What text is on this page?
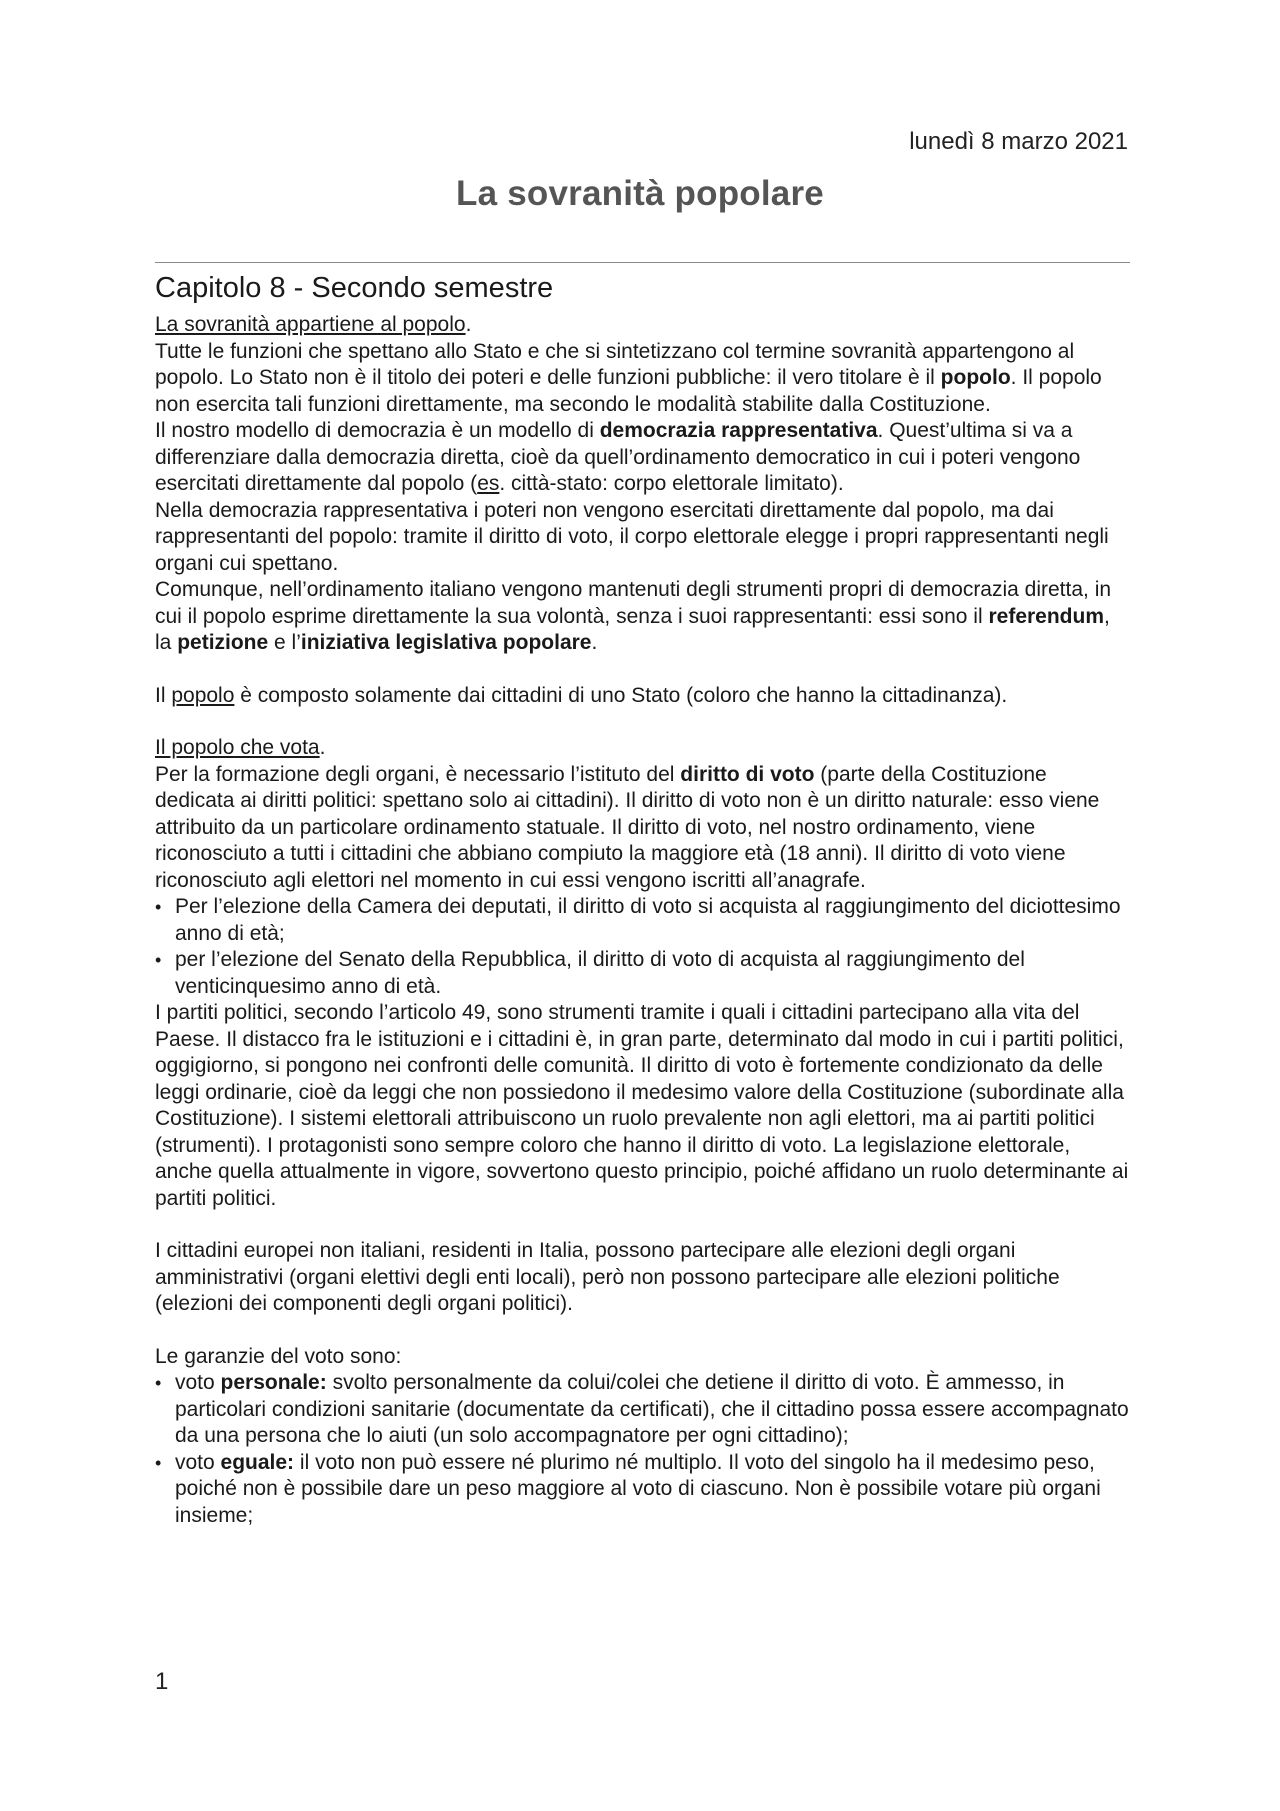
lunedì 8 marzo 2021
La sovranità popolare
Capitolo 8 - Secondo semestre

La sovranità appartiene al popolo.

Tutte le funzioni che spettano allo Stato e che si sintetizzano col termine sovranità appartengono al popolo. Lo Stato non è il titolo dei poteri e delle funzioni pubbliche: il vero titolare è il popolo. Il popolo non esercita tali funzioni direttamente, ma secondo le modalità stabilite dalla Costituzione.

Il nostro modello di democrazia è un modello di democrazia rappresentativa. Quest’ultima si va a differenziare dalla democrazia diretta, cioè da quell’ordinamento democratico in cui i poteri vengono esercitati direttamente dal popolo (es. città-stato: corpo elettorale limitato).

Nella democrazia rappresentativa i poteri non vengono esercitati direttamente dal popolo, ma dai rappresentanti del popolo: tramite il diritto di voto, il corpo elettorale elegge i propri rappresentanti negli organi cui spettano.

Comunque, nell’ordinamento italiano vengono mantenuti degli strumenti propri di democrazia diretta, in cui il popolo esprime direttamente la sua volontà, senza i suoi rappresentanti: essi sono il referendum, la petizione e l’iniziativa legislativa popolare.

Il popolo è composto solamente dai cittadini di uno Stato (coloro che hanno la cittadinanza).

Il popolo che vota.

Per la formazione degli organi, è necessario l’istituto del diritto di voto (parte della Costituzione dedicata ai diritti politici: spettano solo ai cittadini). Il diritto di voto non è un diritto naturale: esso viene attribuito da un particolare ordinamento statuale. Il diritto di voto, nel nostro ordinamento, viene riconosciuto a tutti i cittadini che abbiano compiuto la maggiore età (18 anni). Il diritto di voto viene riconosciuto agli elettori nel momento in cui essi vengono iscritti all’anagrafe.

• Per l’elezione della Camera dei deputati, il diritto di voto si acquista al raggiungimento del diciottesimo anno di età;
• per l’elezione del Senato della Repubblica, il diritto di voto di acquista al raggiungimento del venticinquesimo anno di età.

I partiti politici, secondo l’articolo 49, sono strumenti tramite i quali i cittadini partecipano alla vita del Paese. Il distacco fra le istituzioni e i cittadini è, in gran parte, determinato dal modo in cui i partiti politici, oggigiorno, si pongono nei confronti delle comunità. Il diritto di voto è fortemente condizionato da delle leggi ordinarie, cioè da leggi che non possiedono il medesimo valore della Costituzione (subordinate alla Costituzione). I sistemi elettorali attribuiscono un ruolo prevalente non agli elettori, ma ai partiti politici (strumenti). I protagonisti sono sempre coloro che hanno il diritto di voto. La legislazione elettorale, anche quella attualmente in vigore, sovvertono questo principio, poiché affidano un ruolo determinante ai partiti politici.

I cittadini europei non italiani, residenti in Italia, possono partecipare alle elezioni degli organi amministrativi (organi elettivi degli enti locali), però non possono partecipare alle elezioni politiche (elezioni dei componenti degli organi politici).

Le garanzie del voto sono:

• voto personale: svolto personalmente da colui/colei che detiene il diritto di voto. È ammesso, in particolari condizioni sanitarie (documentate da certificati), che il cittadino possa essere accompagnato da una persona che lo aiuti (un solo accompagnatore per ogni cittadino);
• voto eguale: il voto non può essere né plurimo né multiplo. Il voto del singolo ha il medesimo peso, poiché non è possibile dare un peso maggiore al voto di ciascuno. Non è possibile votare più organi insieme;
1
